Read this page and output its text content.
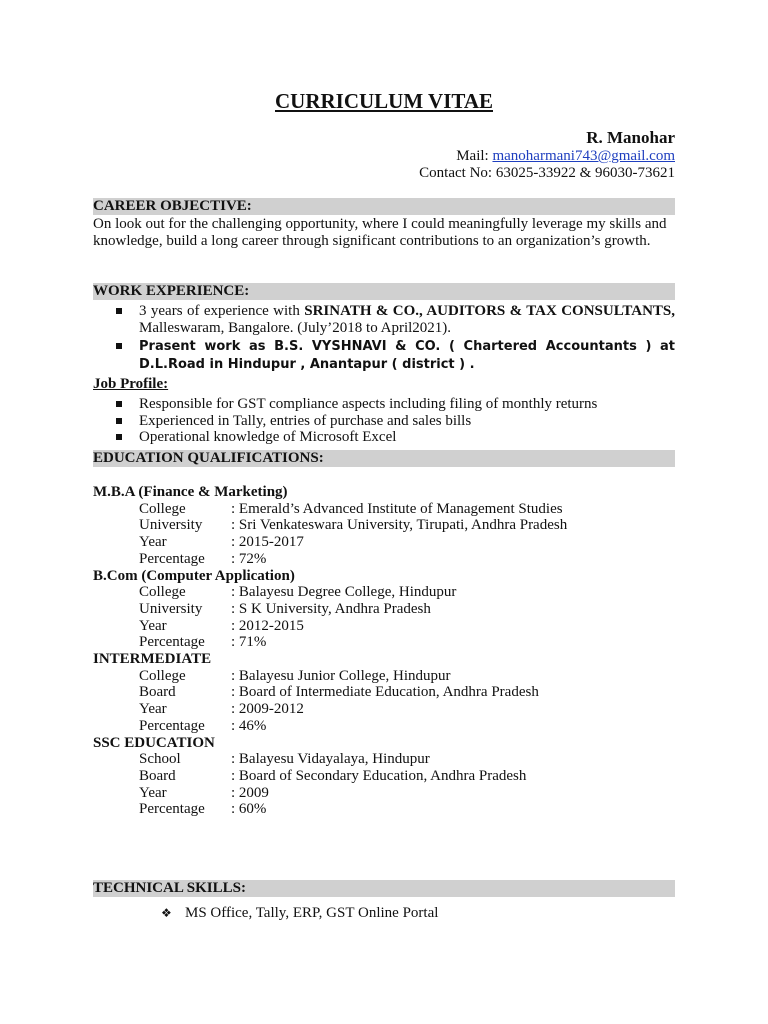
CURRICULUM VITAE
R. Manohar
Mail: manoharmani743@gmail.com
Contact No: 63025-33922 & 96030-73621
CAREER OBJECTIVE:
On look out for the challenging opportunity, where I could meaningfully leverage my skills and knowledge, build a long career through significant contributions to an organization’s growth.
WORK EXPERIENCE:
3 years of experience with SRINATH & CO., AUDITORS & TAX CONSULTANTS, Malleswaram, Bangalore. (July’2018 to April2021).
Prasent work as B.S. VYSHNAVI & CO. ( Chartered Accountants ) at D.L.Road in Hindupur , Anantapur ( district ) .
Job Profile:
Responsible for GST compliance aspects including filing of monthly returns
Experienced in Tally, entries of purchase and sales bills
Operational knowledge of Microsoft Excel
EDUCATION QUALIFICATIONS:
M.B.A (Finance & Marketing)
College	: Emerald’s Advanced Institute of Management Studies
University	: Sri Venkateswara University, Tirupati, Andhra Pradesh
Year	: 2015-2017
Percentage	: 72%
B.Com (Computer Application)
College	: Balayesu Degree College, Hindupur
University	: S K University, Andhra Pradesh
Year	: 2012-2015
Percentage	: 71%
INTERMEDIATE
College	: Balayesu Junior College, Hindupur
Board	: Board of Intermediate Education, Andhra Pradesh
Year	: 2009-2012
Percentage	: 46%
SSC EDUCATION
School	: Balayesu Vidayalaya, Hindupur
Board	: Board of Secondary Education, Andhra Pradesh
Year	: 2009
Percentage	: 60%
TECHNICAL SKILLS:
❖ MS Office, Tally, ERP, GST Online Portal
